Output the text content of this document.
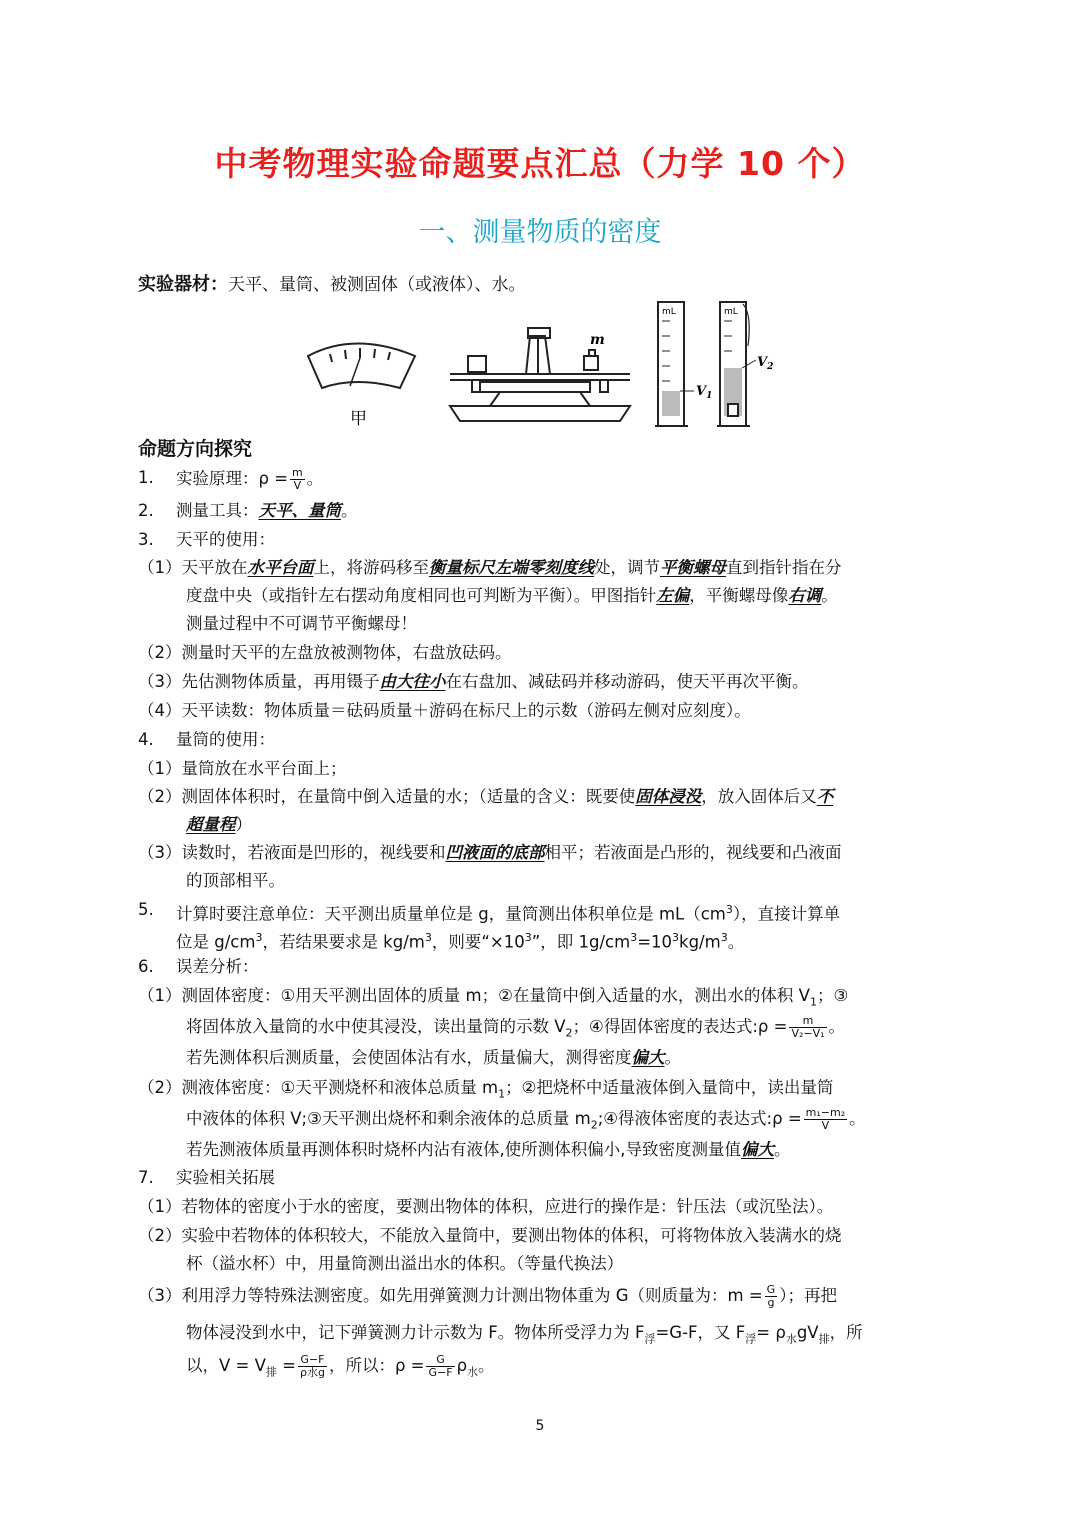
中考物理实验命题要点汇总（力学 10 个）
一、测量物质的密度
实验器材：天平、量筒、被测固体（或液体）、水。
甲
m
mL
$V_1$
mL
$V_2$
命题方向探究
1. 实验原理：$\rho = \frac{m}{V}$ 。
2. 测量工具：天平、量筒。
3. 天平的使用：
（1）天平放在水平台面上，将游码移至衡量标尺左端零刻度线处，调节平衡螺母直到指针指在分
度盘中央（或指针左右摆动角度相同也可判断为平衡）。甲图指针左偏，平衡螺母像右调。
测量过程中不可调节平衡螺母！
（2）测量时天平的左盘放被测物体，右盘放砝码。
（3）先估测物体质量，再用镊子由大往小在右盘加、减砝码并移动游码，使天平再次平衡。
（4）天平读数：物体质量＝砝码质量＋游码在标尺上的示数（游码左侧对应刻度）。
4. 量筒的使用：
（1）量筒放在水平台面上；
（2）测固体体积时，在量筒中倒入适量的水；（适量的含义：既要使固体浸没，放入固体后又不
超量程）
（3）读数时，若液面是凹形的，视线要和凹液面的底部相平；若液面是凸形的，视线要和凸液面
的顶部相平。
5. 计算时要注意单位：天平测出质量单位是 g，量筒测出体积单位是 $mL(cm^3)$，直接计算单
位是 $g/cm^3$，若结果要求是 $kg/m^3$，则要“$\times 10^3$”，即 $1g/cm^3=10^3kg/m^3$。
6. 误差分析：
（1）测固体密度：①用天平测出固体的质量 m；②在量筒中倒入适量的水，测出水的体积 $V_1$；③
将固体放入量筒的水中使其浸没，读出量筒的示数 $V_2$；④得固体密度的表达式:ρ = $\frac{m}{\text{V₂−V₁}}$ 。
若先测体积后测质量，会使固体沾有水，质量偏大，测得密度偏大。
（2）测液体密度：①天平测烧杯和液体总质量 $m_1$；②把烧杯中适量液体倒入量筒中，读出量筒
中液体的体积 V;③天平测出烧杯和剩余液体的总质量 $m_2;④$得液体密度的表达式:ρ = $\frac{\text{m₁−m₂}}{V}$ 。
若先测液体质量再测体积时烧杯内沾有液体,使所测体积偏小,导致密度测量值偏大。
7. 实验相关拓展
（1）若物体的密度小于水的密度，要测出物体的体积，应进行的操作是：针压法（或沉坠法）。
（2）实验中若物体的体积较大，不能放入量筒中，要测出物体的体积，可将物体放入装满水的烧
杯（溢水杯）中，用量筒测出溢出水的体积。（等量代换法）
（3）利用浮力等特殊法测密度。如先用弹簧测力计测出物体重为 G（则质量为：$m = \frac{G}{g}$ ）；再把
物体浸没到水中，记下弹簧测力计示数为 F。物体所受浮力为 $F_浮=G-F$，又 $F_浮= \rho_水gV_排$，所
以，$V = V_排 = \frac{G-F}{\text{ρ水g}}$ ，所以：$\rho = \frac{G}{G-F} \rho_水$。
5
